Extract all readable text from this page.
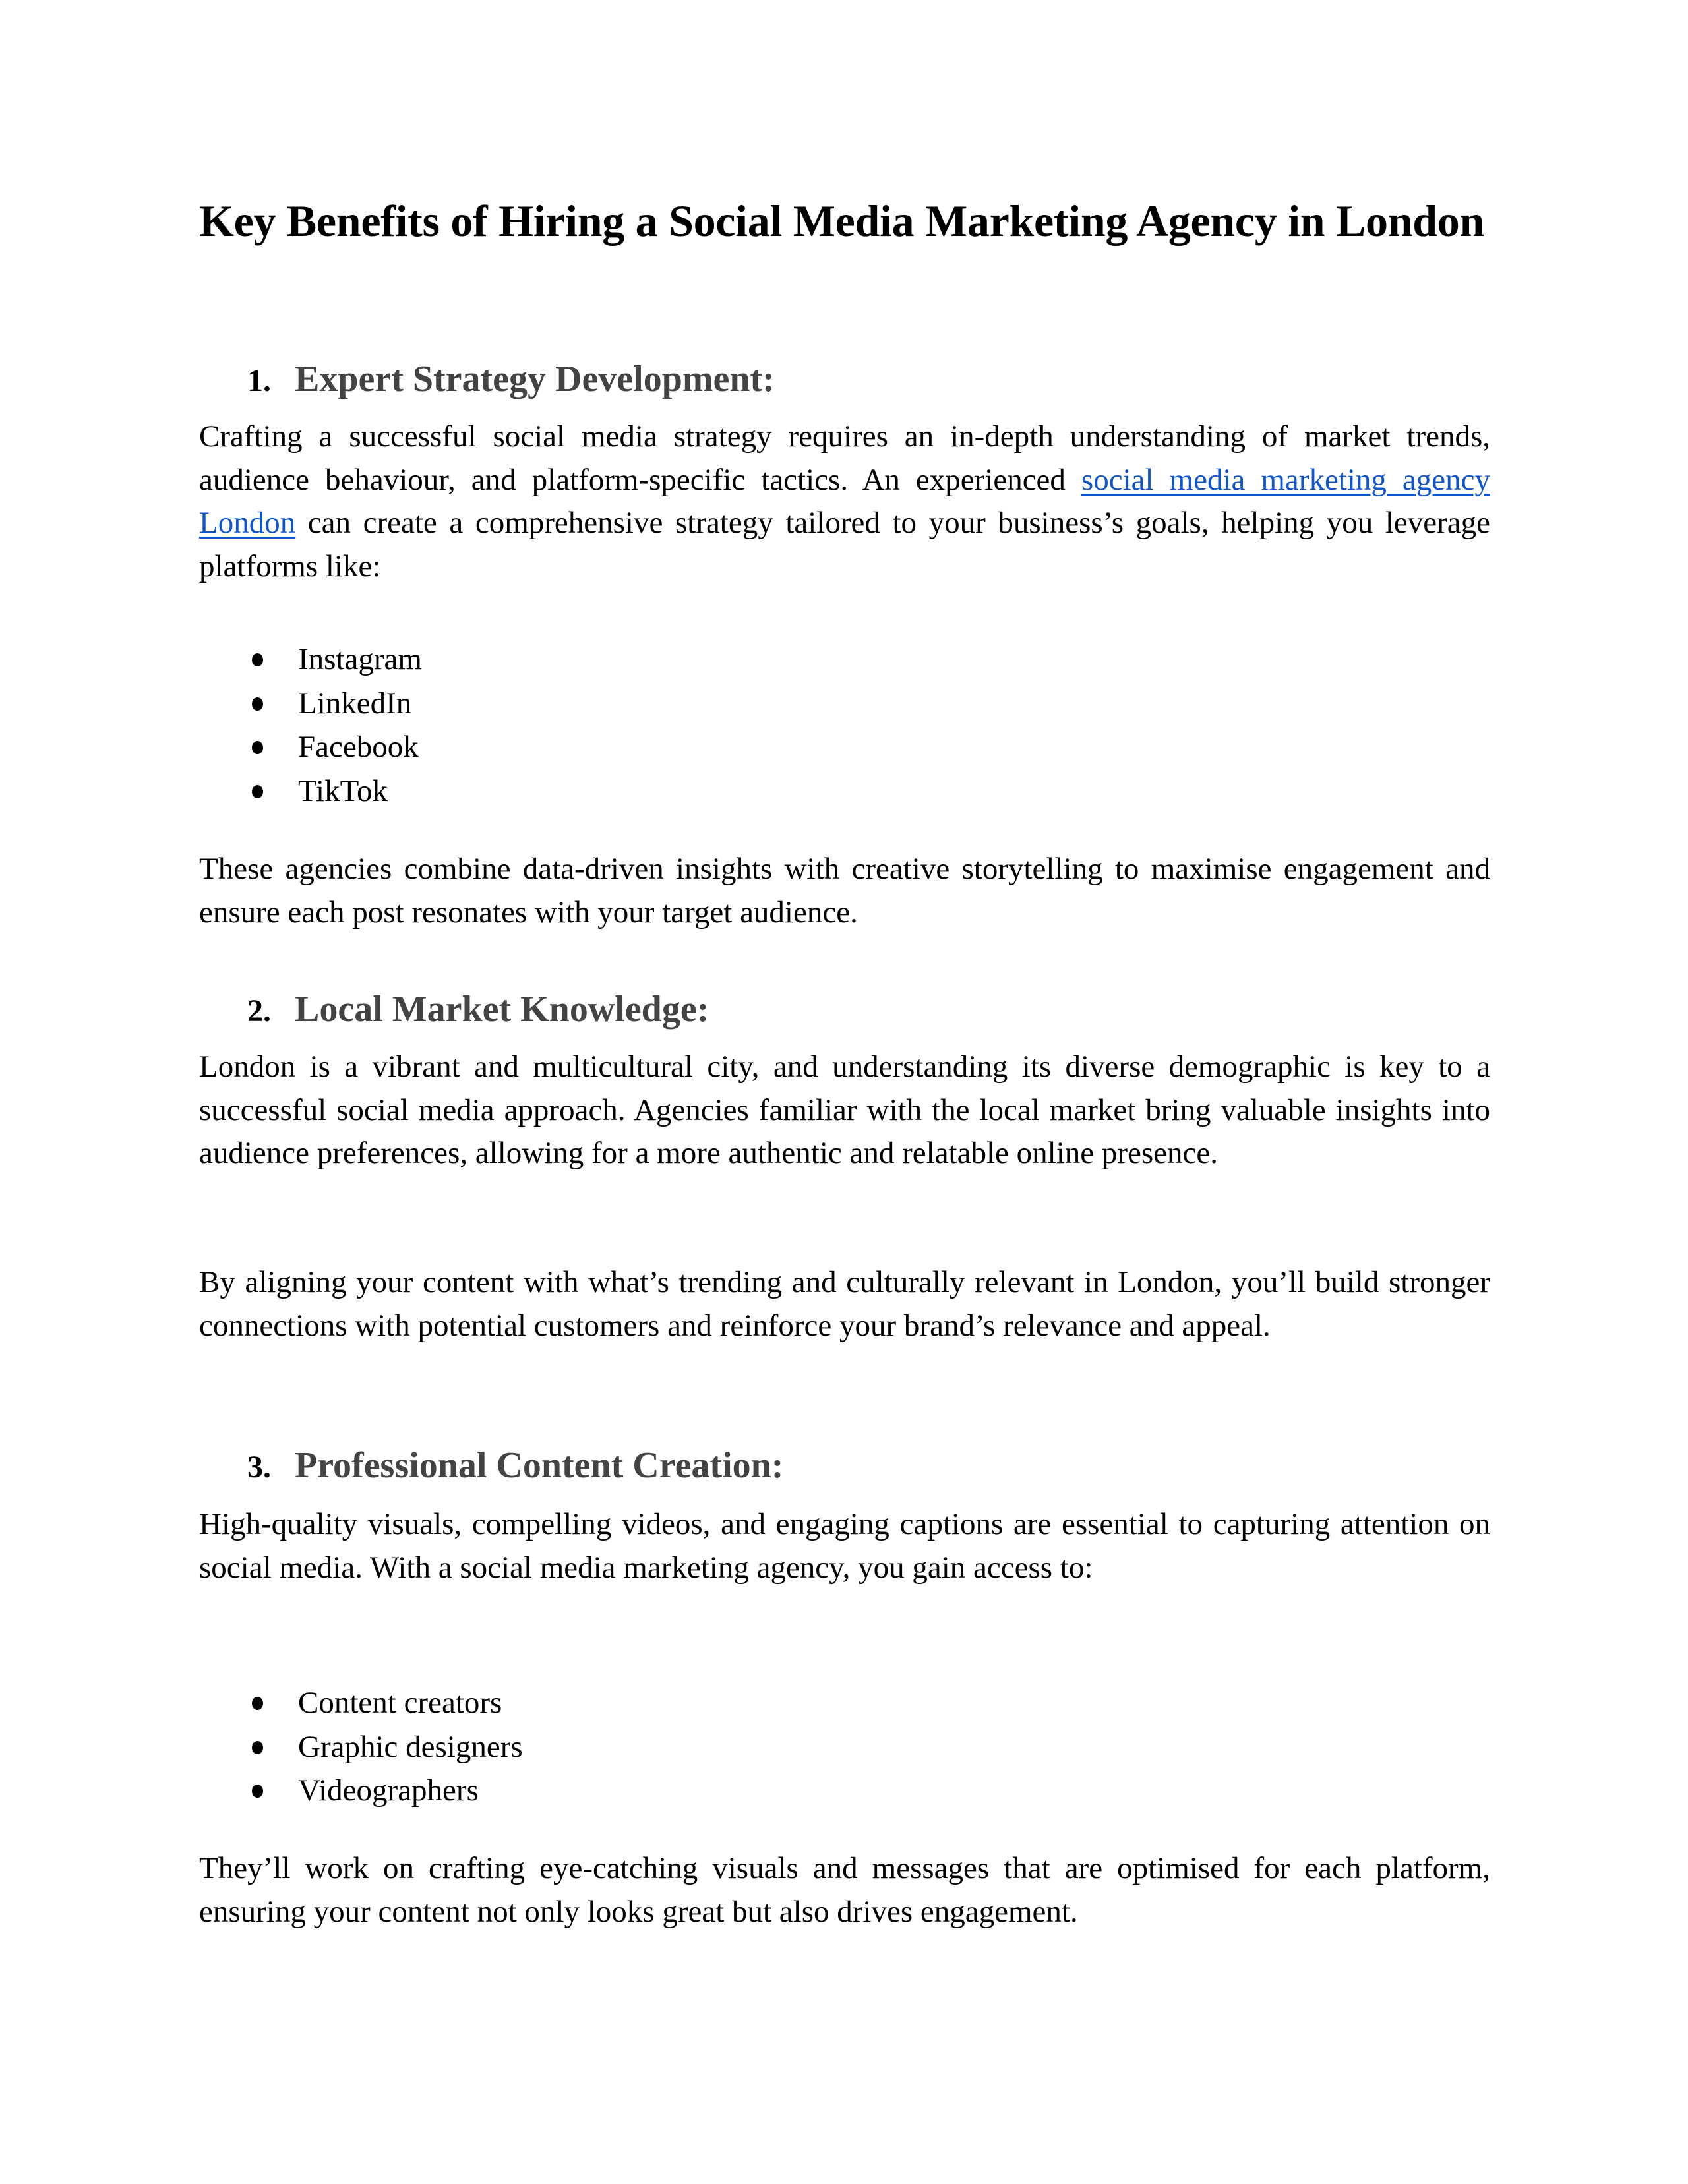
Key Benefits of Hiring a Social Media Marketing Agency in London
1. Expert Strategy Development:

Crafting a successful social media strategy requires an in-depth understanding of market trends, audience behaviour, and platform-specific tactics. An experienced social media marketing agency London can create a comprehensive strategy tailored to your business’s goals, helping you leverage platforms like:

Instagram
LinkedIn
Facebook
TikTok

These agencies combine data-driven insights with creative storytelling to maximise engagement and ensure each post resonates with your target audience.

2. Local Market Knowledge:

London is a vibrant and multicultural city, and understanding its diverse demographic is key to a successful social media approach. Agencies familiar with the local market bring valuable insights into audience preferences, allowing for a more authentic and relatable online presence.

By aligning your content with what’s trending and culturally relevant in London, you’ll build stronger connections with potential customers and reinforce your brand’s relevance and appeal.

3. Professional Content Creation:

High-quality visuals, compelling videos, and engaging captions are essential to capturing attention on social media. With a social media marketing agency, you gain access to:

Content creators
Graphic designers
Videographers

They’ll work on crafting eye-catching visuals and messages that are optimised for each platform, ensuring your content not only looks great but also drives engagement.
